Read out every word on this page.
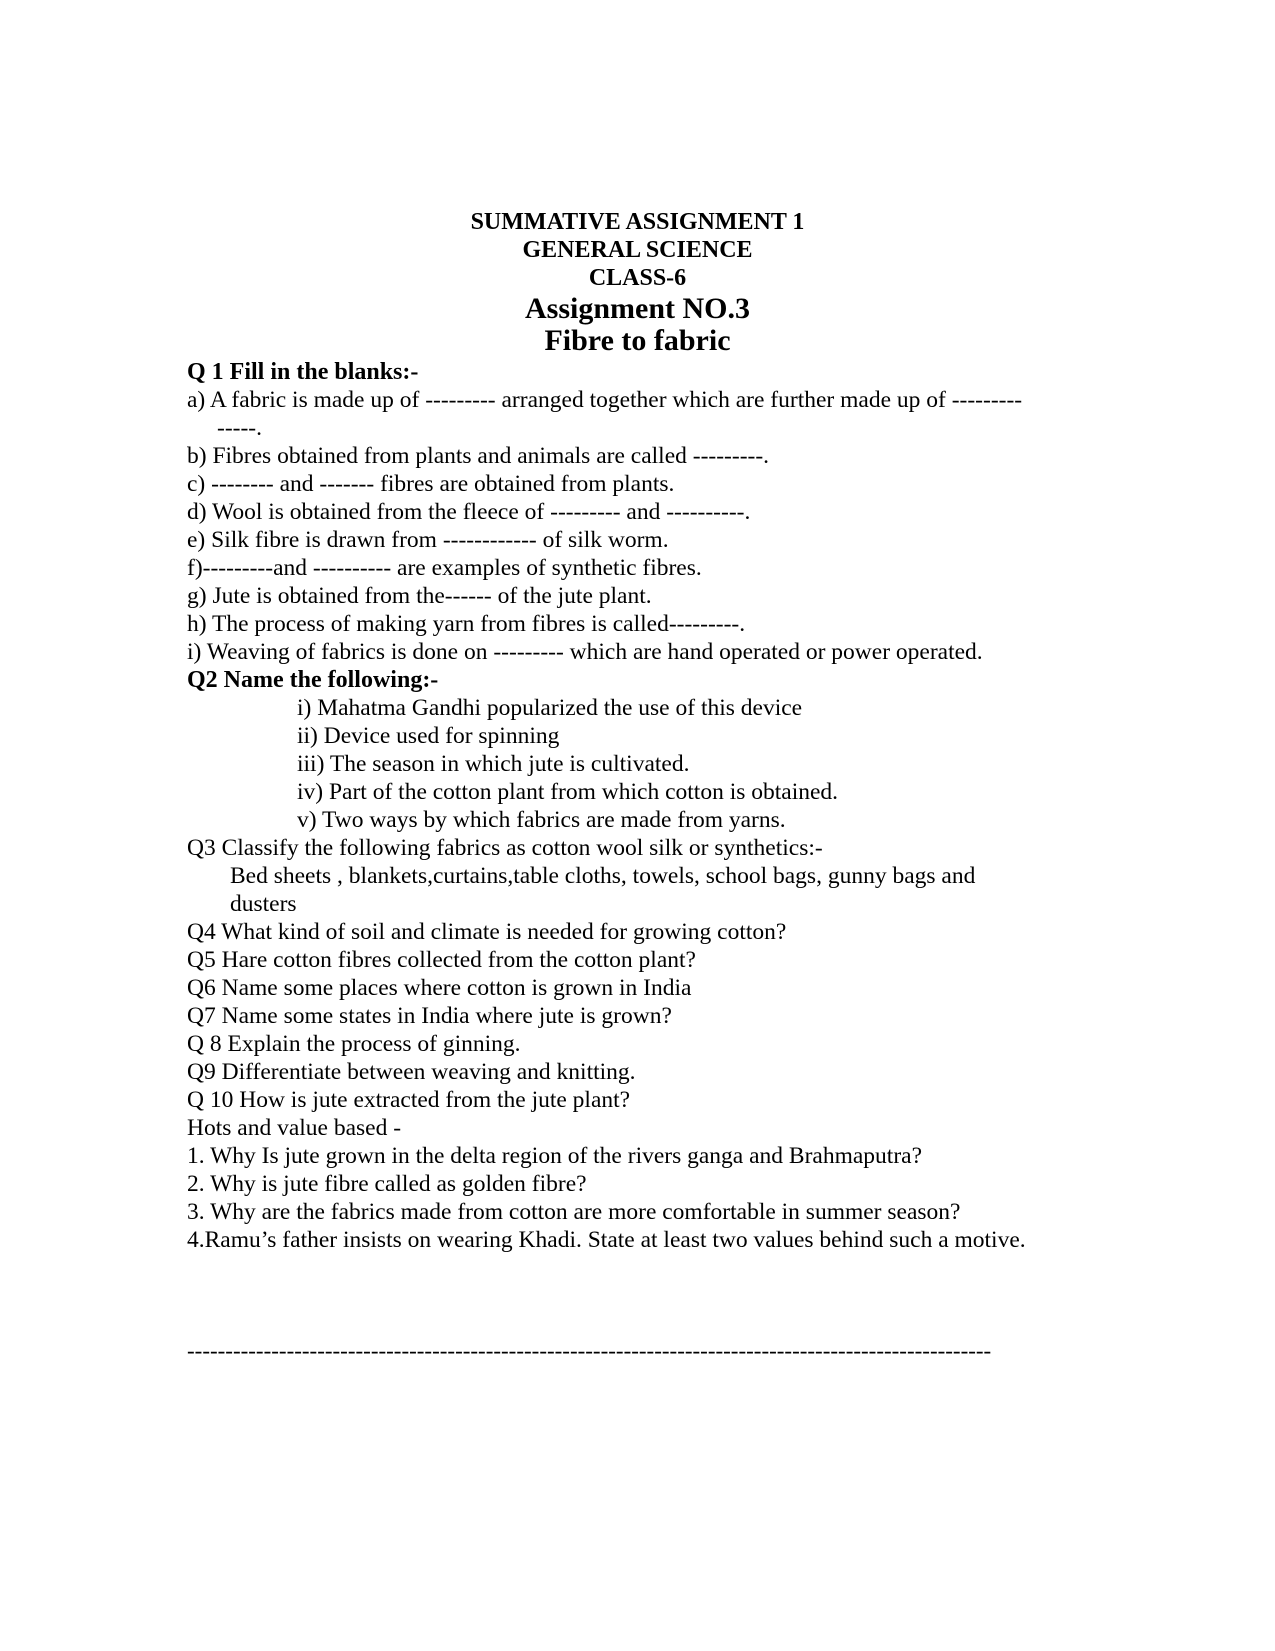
SUMMATIVE ASSIGNMENT 1
GENERAL SCIENCE
CLASS-6
Assignment NO.3
Fibre to fabric
Q 1 Fill in the blanks:-
a) A fabric is made up of --------- arranged together which are further made up of ---------
-----.
b) Fibres obtained from plants and animals are called ---------.
c) -------- and ------- fibres are obtained from plants.
d) Wool is obtained from the fleece of --------- and ----------.
e) Silk fibre is drawn from ------------ of silk worm.
f)---------and ---------- are examples of synthetic fibres.
g) Jute is obtained from the------ of the jute plant.
h) The process of making yarn from fibres is called---------.
i) Weaving of fabrics is done on --------- which are hand operated or power operated.
Q2 Name the following:-
i) Mahatma Gandhi popularized the use of this device
ii) Device used for spinning
iii) The season in which jute is cultivated.
iv) Part of the cotton plant from which cotton is obtained.
v) Two ways by which fabrics are made from yarns.
Q3 Classify the following fabrics as cotton wool silk or synthetics:-
Bed sheets , blankets,curtains,table cloths, towels, school bags, gunny bags and
dusters
Q4 What kind of soil and climate is needed for growing cotton?
Q5 Hare cotton fibres collected from the cotton plant?
Q6 Name some places where cotton is grown in India
Q7 Name some states in India where jute is grown?
Q 8 Explain the process of ginning.
Q9 Differentiate between weaving and knitting.
Q 10 How is jute extracted from the jute plant?
Hots and value based -
1. Why Is jute grown in the delta region of the rivers ganga and Brahmaputra?
2. Why is jute fibre called as golden fibre?
3. Why are the fabrics made from cotton are more comfortable in summer season?
4.Ramu’s father insists on wearing Khadi. State at least two values behind such a motive.
---------------------------------------------------------------------------------------------------------
